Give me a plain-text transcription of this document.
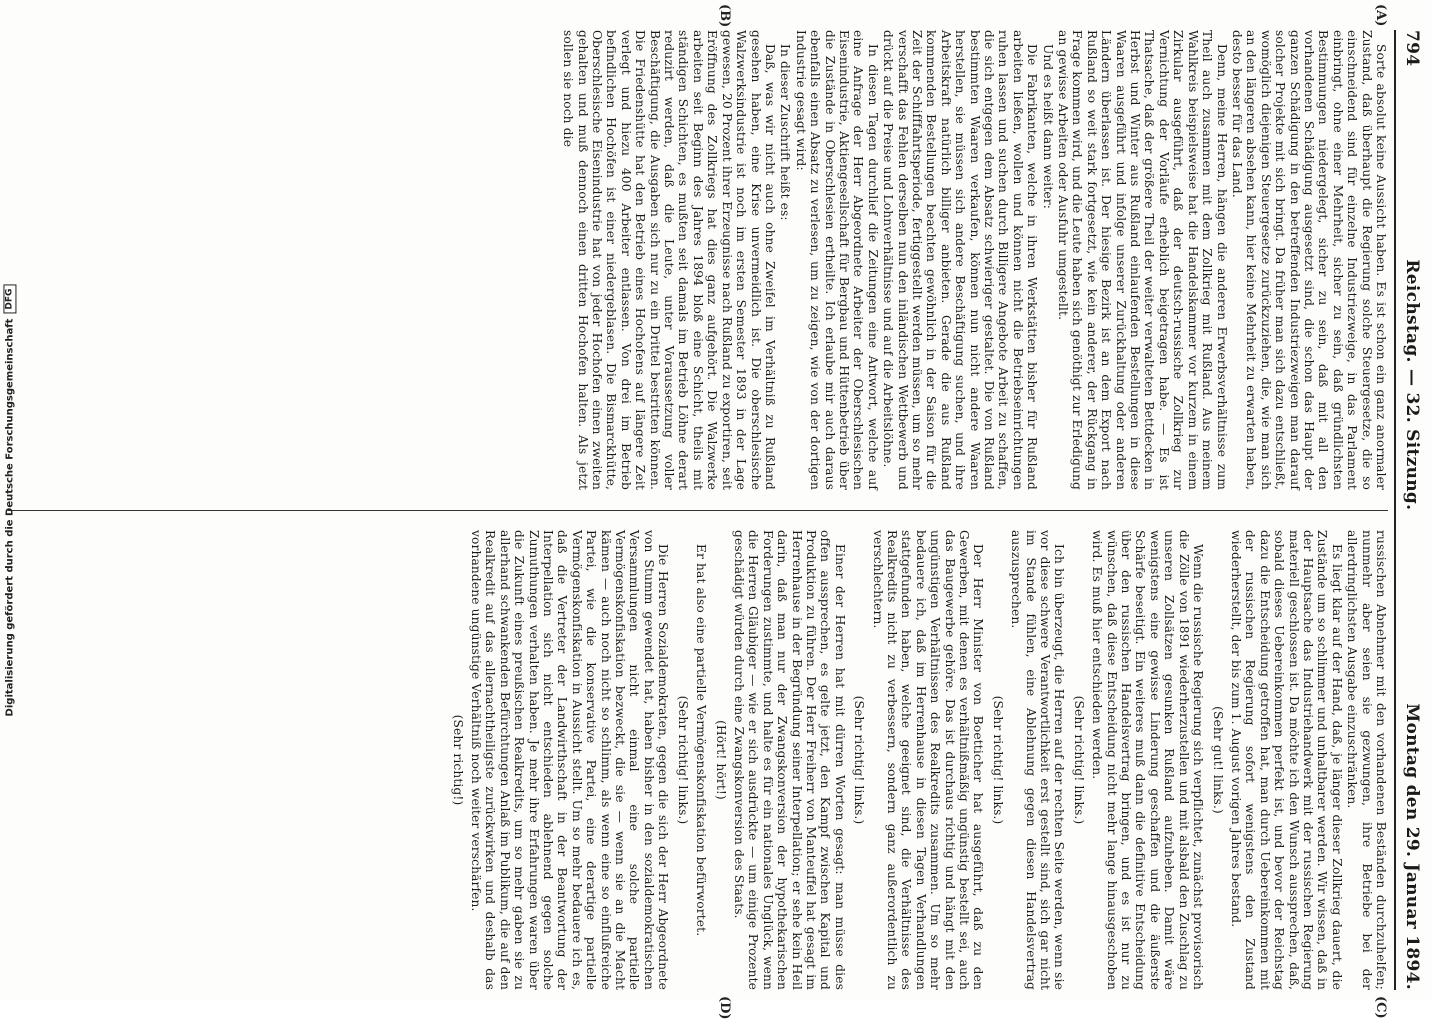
794
Reichstag. — 32. Sitzung.
Montag den 29. Januar 1894.
(A)
(B)
(C)
(D)

Sorte absolut keine Aussicht haben. Es ist schon ein ganz anormaler Zustand, daß überhaupt die Regierung solche Steuergesetze, die so einschneidend sind für einzelne Industriezweige, in das Parlament einbringt, ohne einer Mehrheit, sicher zu sein, daß gründlichsten Bestimmungen niedergelegt, sicher zu sein, daß mit all den vorhandenen Schädigung ausgesetzt sind, die schon das Haupt der ganzen Schädigung in den betreffenden Industriezweigen man darauf solcher Projekte mit sich bringt. Da früher man sich dazu entschließt, womöglich diejenigen Steuergesetze zurückzuziehen, die, wie man sich an den längeren absehen kann, hier keine Mehrheit zu erwarten haben, desto besser für das Land.

Denn, meine Herren, hängen die anderen Erwerbsverhältnisse zum Theil auch zusammen mit dem Zollkrieg mit Rußland. Aus meinem Wahlkreis beispielsweise hat die Handelskammer vor kurzem in einem Zirkular ausgeführt, daß der deutsch-russische Zollkrieg zur Vernichtung der Vorläufe erheblich beigetragen habe. — Es ist Thatsache, daß der größere Theil der weiter verwalteten Bettdecken in Herbst und Winter aus Rußland einlaufenden Bestellungen in diese Waaren ausgeführt und infolge unserer Zurückhaltung oder anderen Ländern überlassen ist. Der hiesige Bezirk ist an dem Export nach Rußland so weit stark fortgesetzt, wie kein anderer, der Rückgang in Frage kommen wird, und die Leute haben sich genöthigt zur Erledigung an gewisse Arbeiten oder Ausfuhr umgestellt.

Und es heißt dann weiter:

Die Fabrikanten, welche in ihren Werkstätten bisher für Rußland arbeiten ließen, wollen und können nicht die Betriebseinrichtungen ruhen lassen und suchen durch Billigere Angebote Arbeit zu schaffen, die sich entgegen dem Absatz schwieriger gestaltet. Die von Rußland bestimmten Waaren verkaufen, können nun nicht andere Waaren herstellen, sie müssen sich andere Beschäftigung suchen, und ihre Arbeitskraft natürlich billiger anbieten. Gerade die aus Rußland kommenden Bestellungen beachten gewöhnlich in der Saison für die Zeit der Schifffahrtsperiode, fertiggestellt werden müssen, um so mehr verschafft das Fehlen derselben nun den inländischen Wettbewerb und drückt auf die Preise und Lohnverhältnisse und auf die Arbeitslöhne.

In diesen Tagen durchlief die Zeitungen eine Antwort, welche auf eine Anfrage der Herr Abgeordnete Arbeiter der Oberschlesischen Eisenindustrie, Aktiengesellschaft für Bergbau und Hüttenbetrieb über die Zustände in Oberschlesien ertheilte. Ich erlaube mir auch daraus ebenfalls einen Absatz zu verlesen, um zu zeigen, wie von der dortigen Industrie gesagt wird:

In dieser Zuschrift heißt es:

Daß, was wir nicht auch ohne Zweifel im Verhältniß zu Rußland gesehen haben, eine Krise unvermeidlich ist. Die oberschlesische Walzwerksindustrie ist noch im ersten Semester 1893 in der Lage gewesen, 20 Prozent ihrer Erzeugnisse nach Rußland zu exportiren, seit Eröffnung des Zollkriegs hat dies ganz aufgehört. Die Walzwerke arbeiten seit Beginn des Jahres 1894 bloß eine Schicht, theils mit ständigen Schichten, es mußten seit damals im Betrieb Löhne derart reduzirt werden, daß die Leute, unter Voraussetzung voller Beschäftigung, die Ausgaben sich nur zu ein Drittel bestritten können. Die Friedenshütte hat den Betrieb eines Hochofens auf längere Zeit verlegt und hiezu 400 Arbeiter entlassen. Von drei im Betrieb befindlichen Hochöfen ist einer niedergeblasen. Die Bismarckhütte, Oberschlesische Eisenindustrie hat von jeder Hochofen einen zweiten gehalten und muß dennoch einen dritten Hochofen halten. Als jetzt sollen sie noch die

russischen Abnehmer mit den vorhandenen Beständen durchzuhelfen; nunmehr aber seien sie gezwungen, ihre Betriebe bei der allerdringlichsten Ausgabe einzuschränken.

Es liegt klar auf der Hand, daß, je länger dieser Zollkrieg dauert, die Zustände um so schlimmer und unhaltbarer werden. Wir wissen, daß in der Hauptsache das Industriehandwerk mit der russischen Regierung materiell geschlossen ist. Da möchte ich den Wunsch aussprechen, daß, sobald dieses Uebereinkommen perfekt ist, und bevor der Reichstag dazu die Entscheidung getroffen hat, man durch Uebereinkommen mit der russischen Regierung sofort wenigstens den Zustand wiederherstellt, der bis zum 1. August vorigen Jahres bestand.

(Sehr gut! links.)

Wenn die russische Regierung sich verpflichtet, zunächst provisorisch die Zölle von 1891 wiederherzustellen und mit alsbald den Zuschlag zu unseren Zollsätzen gesunken Rußland aufzuheben. Damit wäre wenigstens eine gewisse Linderung geschaffen und die äußerste Schärfe beseitigt. Ein weiteres muß dann die definitive Entscheidung über den russischen Handelsvertrag bringen, und es ist nur zu wünschen, daß diese Entscheidung nicht mehr lange hinausgeschoben wird. Es muß hier entschieden werden.

(Sehr richtig! links.)

Ich bin überzeugt, die Herren auf der rechten Seite werden, wenn sie vor diese schwere Verantwortlichkeit erst gestellt sind, sich gar nicht im Stande fühlen, eine Ablehnung gegen diesen Handelsvertrag auszusprechen.

(Sehr richtig! links.)

Der Herr Minister von Boetticher hat ausgeführt, daß zu den Gewerben, mit denen es verhältnißmäßig ungünstig bestellt sei, auch das Baugewerbe gehöre. Das ist durchaus richtig und hängt mit den ungünstigen Verhältnissen des Realkredits zusammen. Um so mehr bedauere ich, daß im Herrenhause in diesen Tagen Verhandlungen stattgefunden haben, welche geeignet sind, die Verhältnisse des Realkredits nicht zu verbessern, sondern ganz außerordentlich zu verschlechtern.

(Sehr richtig! links.)

Einer der Herren hat mit dürren Worten gesagt: man müsse dies offen aussprechen, es gelte jetzt, den Kampf zwischen Kapital und Produktion zu führen. Der Herr Freiherr von Manteuffel hat gesagt im Herrenhause in der Begründung seiner Interpellation; er sehe kein Heil darin, daß man nur der Zwangskonversion der hypothekarischen Forderungen zustimmte, und halte es für ein nationales Unglück, wenn die Herren Gläubiger — wie er sich ausdrückte — um einige Prozente geschädigt würden durch eine Zwangskonversion des Staats.

(Hört! hört!)

Er hat also eine partielle Vermögenskonfiskation befürwortet.

(Sehr richtig! links.)

Die Herren Sozialdemokraten, gegen die sich der Herr Abgeordnete von Stumm gewendet hat, haben bisher in den sozialdemokratischen Versammlungen nicht einmal eine solche partielle Vermögenskonfiskation bezweckt, die sie — wenn sie an die Macht kämen — auch noch nicht so schlimm, als wenn eine so einflußreiche Partei, wie die konservative Partei, eine derartige partielle Vermögenskonfiskation in Aussicht stellt. Um so mehr bedauere ich es, daß die Vertreter der Landwirthschaft in der Beantwortung der Interpellation sich nicht entschieden ablehnend gegen solche Zumuthungen verhalten haben. Je mehr ihre Erfahrungen waren über die Zukunft eines preußischen Realkredits, um so mehr gaben sie zu allerhand schwankenden Befürchtungen Anlaß im Publikum, die auf den Realkredit auf das allernachtheiligste zurückwirken und deshalb das vorhandene ungünstige Verhältniß noch weiter verschärfen.

(Sehr richtig!)

Digitalisierung gefördert durch die Deutsche Forschungsgemeinschaft
DFG
